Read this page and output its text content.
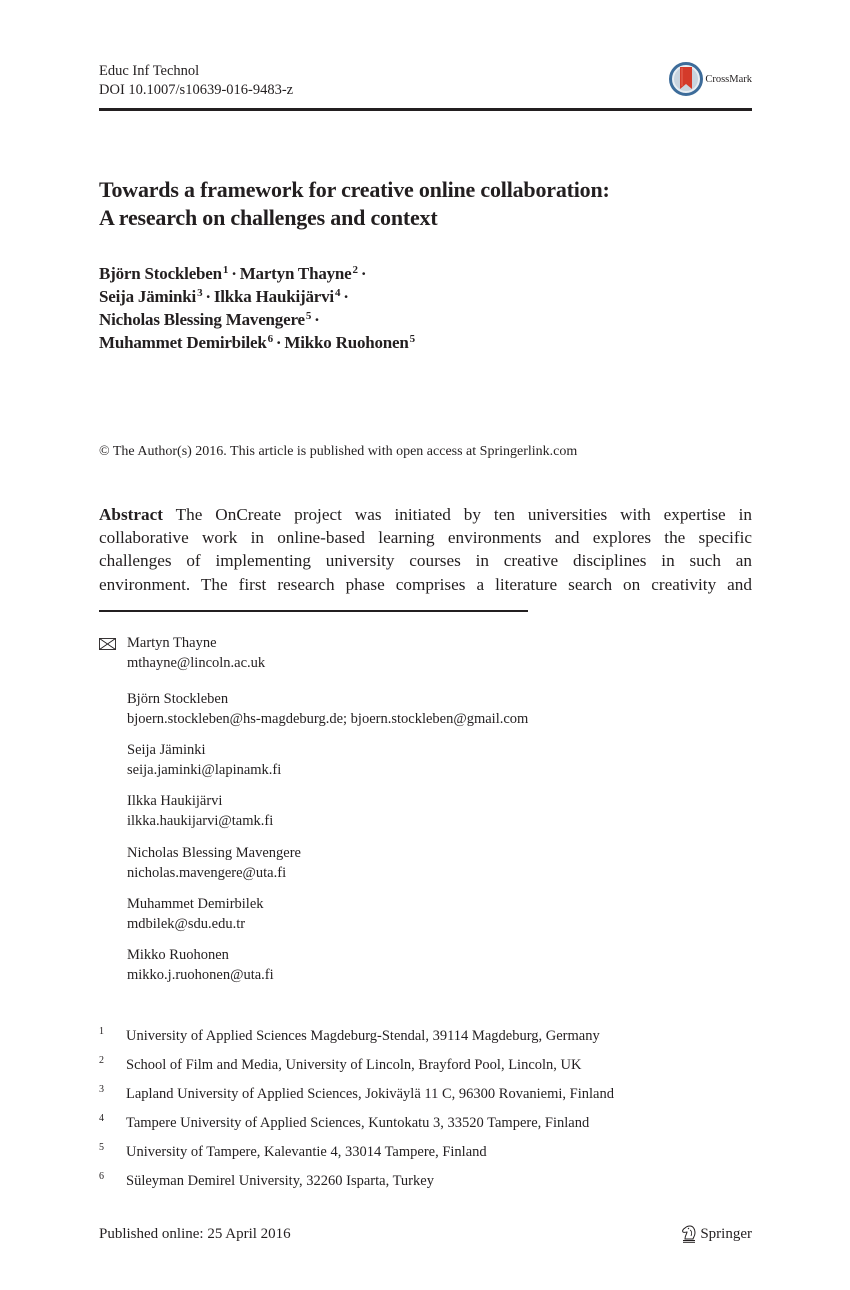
Educ Inf Technol
DOI 10.1007/s10639-016-9483-z
CrossMark
Towards a framework for creative online collaboration:
A research on challenges and context
Björn Stockleben$^1$ · Martyn Thayne$^2$ ·
Seija Jäminki$^3$ · Ilkka Haukijärvi$^4$ ·
Nicholas Blessing Mavengere$^5$ ·
Muhammet Demirbilek$^6$ · Mikko Ruohonen$^5$
© The Author(s) 2016. This article is published with open access at Springerlink.com
Abstract The OnCreate project was initiated by ten universities with expertise in
collaborative work in online-based learning environments and explores the specific
challenges of implementing university courses in creative disciplines in such an
environment. The first research phase comprises a literature search on creativity and
Martyn Thayne
mthayne@lincoln.ac.uk
Björn Stockleben
bjoern.stockleben@hs-magdeburg.de; bjoern.stockleben@gmail.com
Seija Jäminki
seija.jaminki@lapinamk.fi
Ilkka Haukijärvi
ilkka.haukijarvi@tamk.fi
Nicholas Blessing Mavengere
nicholas.mavengere@uta.fi
Muhammet Demirbilek
mdbilek@sdu.edu.tr
Mikko Ruohonen
mikko.j.ruohonen@uta.fi
1 University of Applied Sciences Magdeburg-Stendal, 39114 Magdeburg, Germany
2 School of Film and Media, University of Lincoln, Brayford Pool, Lincoln, UK
3 Lapland University of Applied Sciences, Jokiväylä 11 C, 96300 Rovaniemi, Finland
4 Tampere University of Applied Sciences, Kuntokatu 3, 33520 Tampere, Finland
5 University of Tampere, Kalevantie 4, 33014 Tampere, Finland
6 Süleyman Demirel University, 32260 Isparta, Turkey
Published online: 25 April 2016	Springer
